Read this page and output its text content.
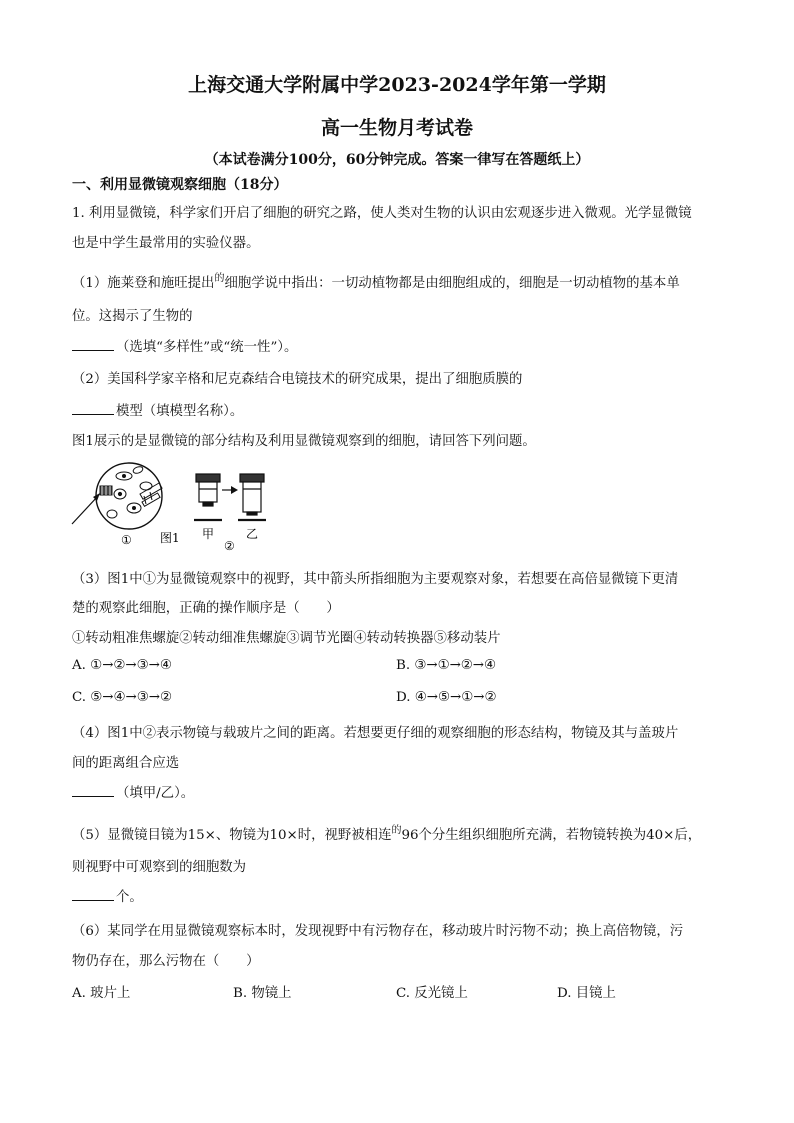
上海交通大学附属中学2023-2024学年第一学期
高一生物月考试卷
（本试卷满分100分，60分钟完成。答案一律写在答题纸上）
一、利用显微镜观察细胞（18分）
1. 利用显微镜，科学家们开启了细胞的研究之路，使人类对生物的认识由宏观逐步进入微观。光学显微镜
也是中学生最常用的实验仪器。
（1）施莱登和施旺提出$^的$细胞学说中指出：一切动植物都是由细胞组成的，细胞是一切动植物的基本单
位。这揭示了生物的
（选填“多样性”或“统一性”）。
（2）美国科学家辛格和尼克森结合电镜技术的研究成果，提出了细胞质膜的
模型（填模型名称）。
图1展示的是显微镜的部分结构及利用显微镜观察到的细胞，请回答下列问题。
① 图1 甲
②
乙
（3）图1中①为显微镜观察中的视野，其中箭头所指细胞为主要观察对象，若想要在高倍显微镜下更清
楚的观察此细胞，正确的操作顺序是（　　）
①转动粗准焦螺旋②转动细准焦螺旋③调节光圈④转动转换器⑤移动装片
A. ①→②→③→④	B. ③→①→②→④
C. ⑤→④→③→②	D. ④→⑤→①→②
（4）图1中②表示物镜与载玻片之间的距离。若想要更仔细的观察细胞的形态结构，物镜及其与盖玻片
间的距离组合应选
（填甲/乙）。
（5）显微镜目镜为15×、物镜为10×时，视野被相连$^的$96个分生组织细胞所充满，若物镜转换为40×后，
则视野中可观察到的细胞数为
个。
（6）某同学在用显微镜观察标本时，发现视野中有污物存在，移动玻片时污物不动；换上高倍物镜，污
物仍存在，那么污物在（　　）
A. 玻片上	B. 物镜上	C. 反光镜上	D. 目镜上
